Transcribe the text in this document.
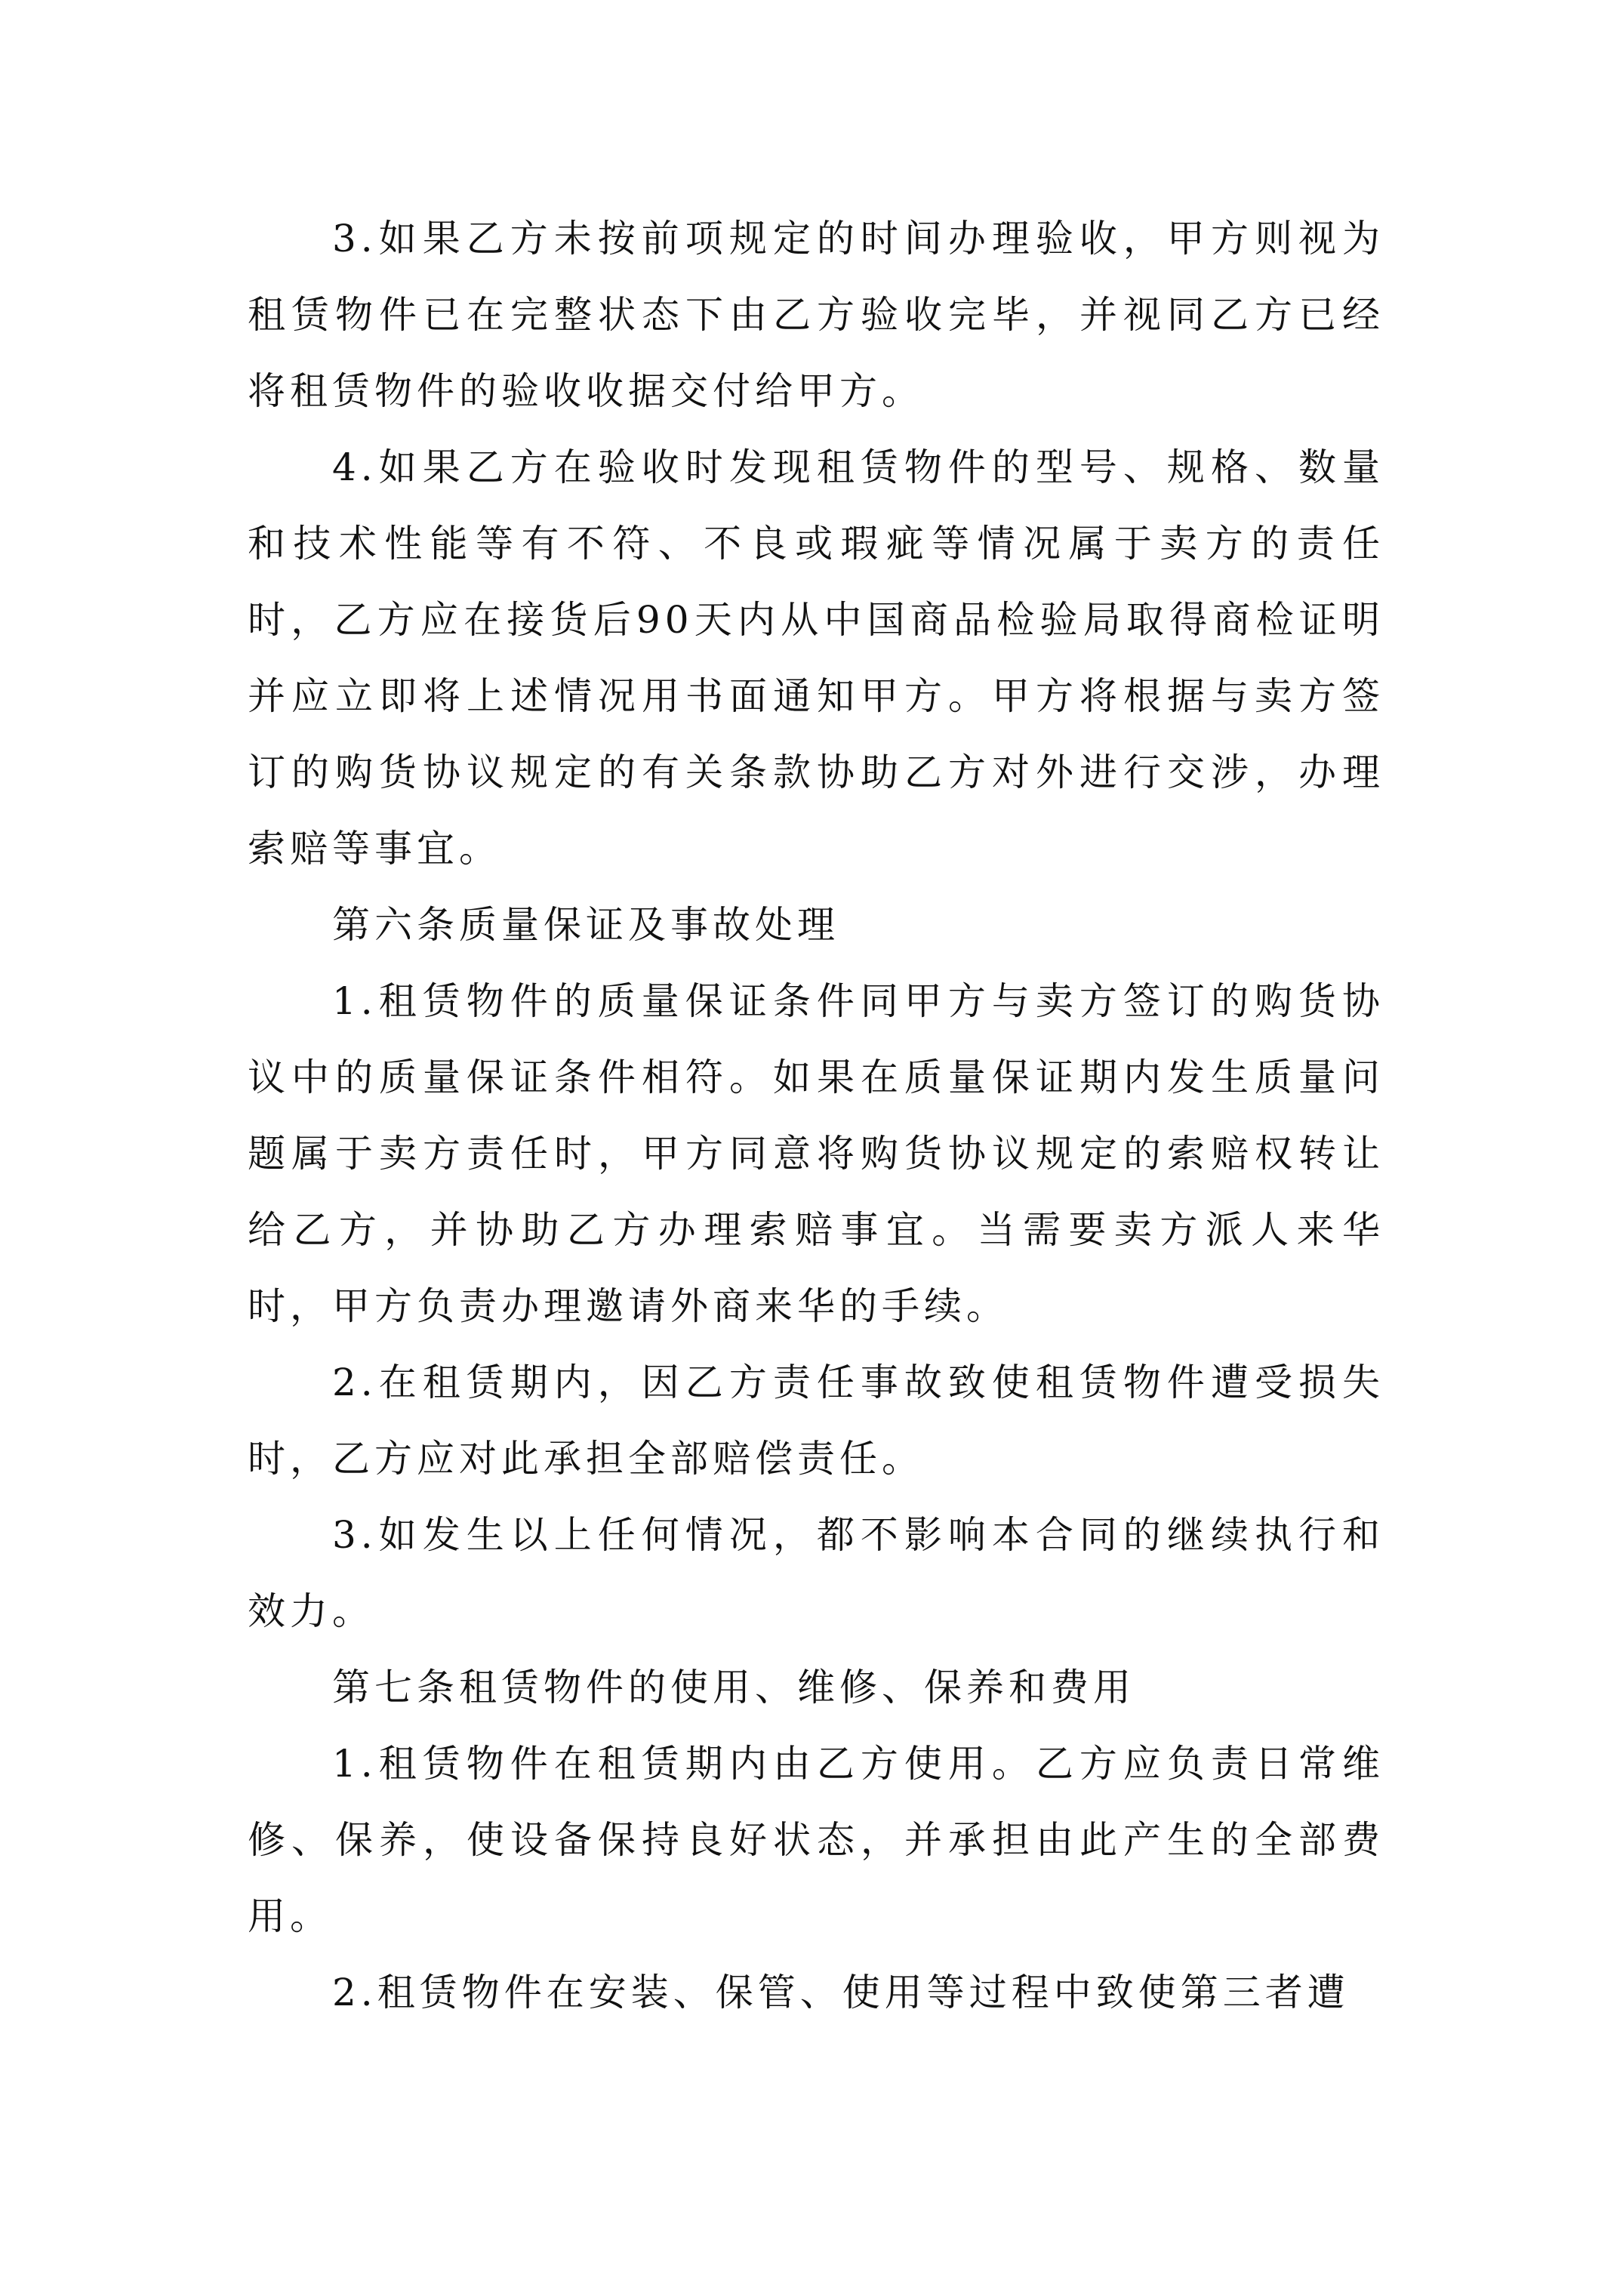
3.如果乙方未按前项规定的时间办理验收，甲方则视为租赁物件已在完整状态下由乙方验收完毕，并视同乙方已经将租赁物件的验收收据交付给甲方。

4.如果乙方在验收时发现租赁物件的型号、规格、数量和技术性能等有不符、不良或瑕疵等情况属于卖方的责任时，乙方应在接货后90天内从中国商品检验局取得商检证明并应立即将上述情况用书面通知甲方。甲方将根据与卖方签订的购货协议规定的有关条款协助乙方对外进行交涉，办理索赔等事宜。

第六条质量保证及事故处理

1.租赁物件的质量保证条件同甲方与卖方签订的购货协议中的质量保证条件相符。如果在质量保证期内发生质量问题属于卖方责任时，甲方同意将购货协议规定的索赔权转让给乙方，并协助乙方办理索赔事宜。当需要卖方派人来华时，甲方负责办理邀请外商来华的手续。

2.在租赁期内，因乙方责任事故致使租赁物件遭受损失时，乙方应对此承担全部赔偿责任。

3.如发生以上任何情况，都不影响本合同的继续执行和效力。

第七条租赁物件的使用、维修、保养和费用

1.租赁物件在租赁期内由乙方使用。乙方应负责日常维修、保养，使设备保持良好状态，并承担由此产生的全部费用。

2.租赁物件在安装、保管、使用等过程中致使第三者遭
